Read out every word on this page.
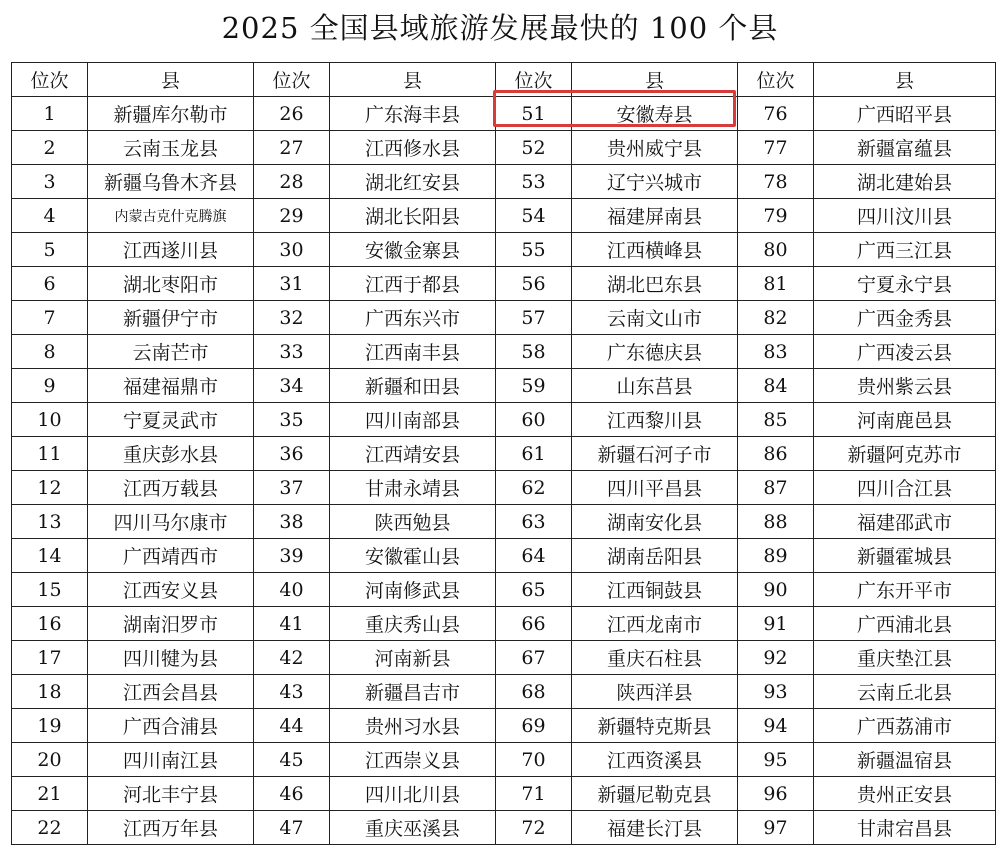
2025 全国县域旅游发展最快的 100 个县
位次	县	位次	县	位次	县	位次	县
1	新疆库尔勒市	26	广东海丰县	51	安徽寿县	76	广西昭平县
2	云南玉龙县	27	江西修水县	52	贵州威宁县	77	新疆富蕴县
3	新疆乌鲁木齐县	28	湖北红安县	53	辽宁兴城市	78	湖北建始县
4	内蒙古克什克腾旗	29	湖北长阳县	54	福建屏南县	79	四川汶川县
5	江西遂川县	30	安徽金寨县	55	江西横峰县	80	广西三江县
6	湖北枣阳市	31	江西于都县	56	湖北巴东县	81	宁夏永宁县
7	新疆伊宁市	32	广西东兴市	57	云南文山市	82	广西金秀县
8	云南芒市	33	江西南丰县	58	广东德庆县	83	广西凌云县
9	福建福鼎市	34	新疆和田县	59	山东莒县	84	贵州紫云县
10	宁夏灵武市	35	四川南部县	60	江西黎川县	85	河南鹿邑县
11	重庆彭水县	36	江西靖安县	61	新疆石河子市	86	新疆阿克苏市
12	江西万载县	37	甘肃永靖县	62	四川平昌县	87	四川合江县
13	四川马尔康市	38	陕西勉县	63	湖南安化县	88	福建邵武市
14	广西靖西市	39	安徽霍山县	64	湖南岳阳县	89	新疆霍城县
15	江西安义县	40	河南修武县	65	江西铜鼓县	90	广东开平市
16	湖南汨罗市	41	重庆秀山县	66	江西龙南市	91	广西浦北县
17	四川犍为县	42	河南新县	67	重庆石柱县	92	重庆垫江县
18	江西会昌县	43	新疆昌吉市	68	陕西洋县	93	云南丘北县
19	广西合浦县	44	贵州习水县	69	新疆特克斯县	94	广西荔浦市
20	四川南江县	45	江西崇义县	70	江西资溪县	95	新疆温宿县
21	河北丰宁县	46	四川北川县	71	新疆尼勒克县	96	贵州正安县
22	江西万年县	47	重庆巫溪县	72	福建长汀县	97	甘肃宕昌县
